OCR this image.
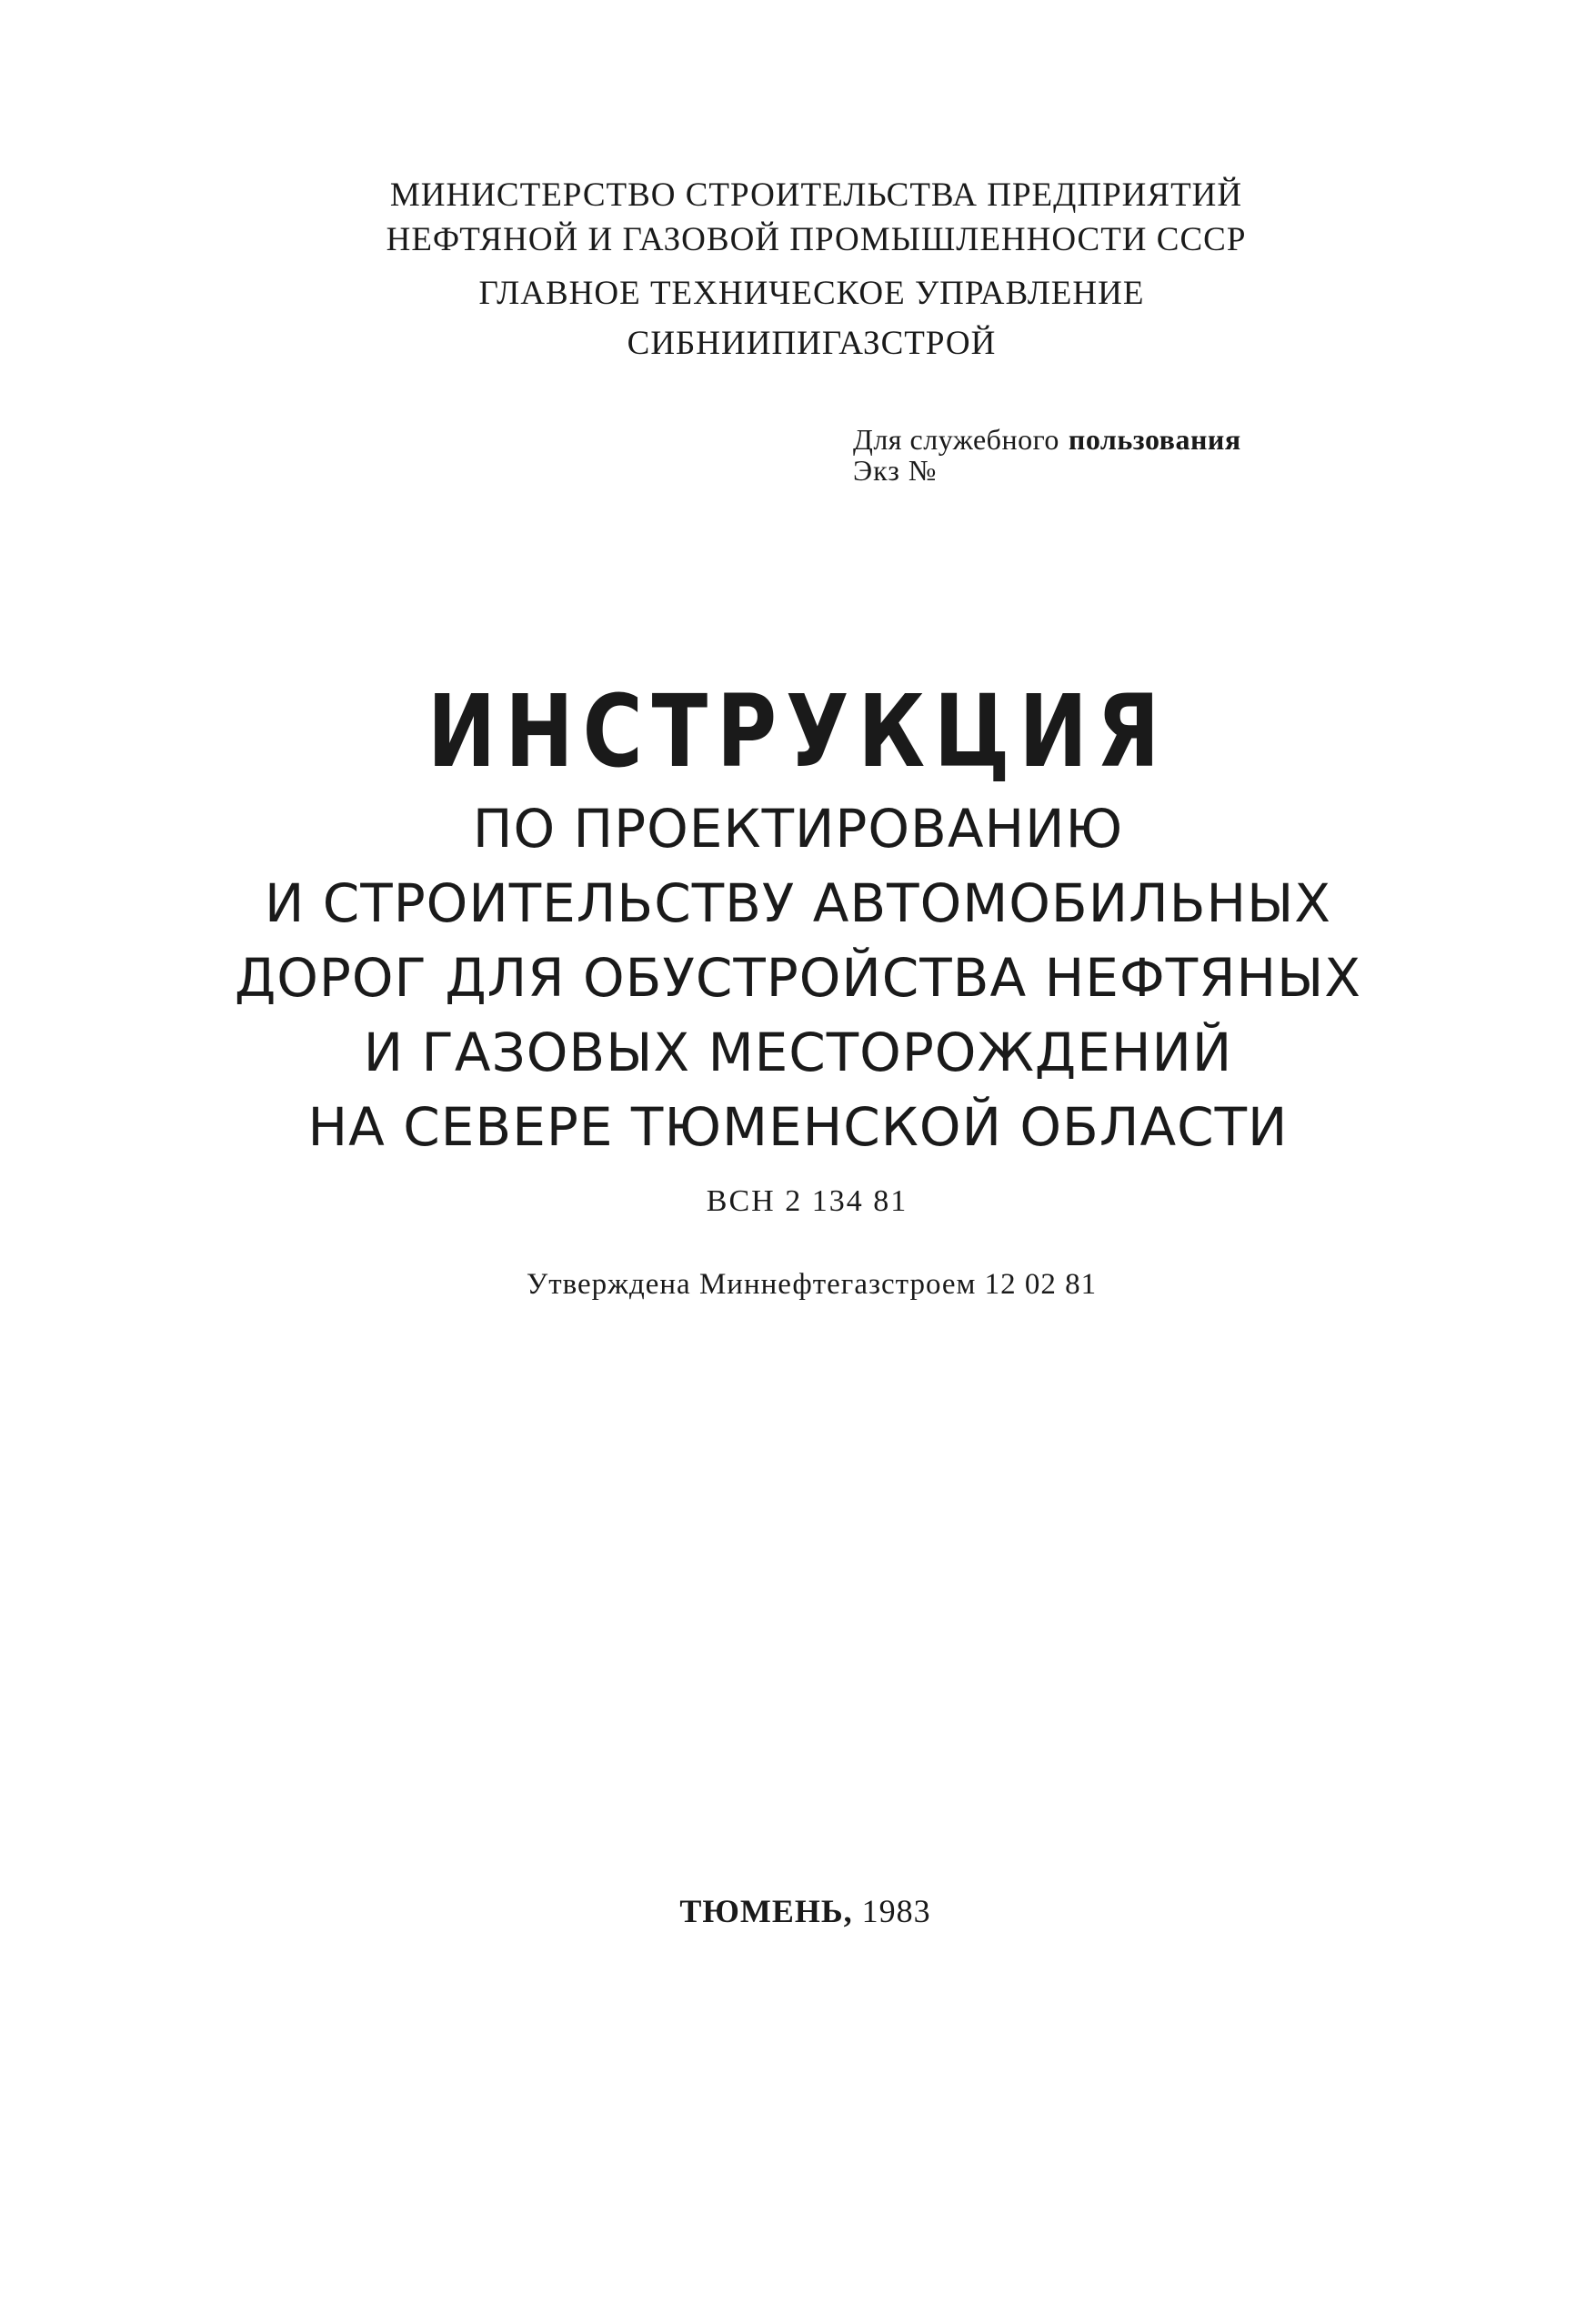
МИНИСТЕРСТВО СТРОИТЕЛЬСТВА ПРЕДПРИЯТИЙ
НЕФТЯНОЙ И ГАЗОВОЙ ПРОМЫШЛЕННОСТИ СССР
ГЛАВНОЕ ТЕХНИЧЕСКОЕ УПРАВЛЕНИЕ
СИБНИИПИГАЗСТРОЙ
Для служебного пользования
Экз №
ИНСТРУКЦИЯ
ПО ПРОЕКТИРОВАНИЮ
И СТРОИТЕЛЬСТВУ АВТОМОБИЛЬНЫХ
ДОРОГ ДЛЯ ОБУСТРОЙСТВА НЕФТЯНЫХ
И ГАЗОВЫХ МЕСТОРОЖДЕНИЙ
НА СЕВЕРЕ ТЮМЕНСКОЙ ОБЛАСТИ
ВСН 2 134 81
Утверждена Миннефтегазстроем 12 02 81
ТЮМЕНЬ, 1983
